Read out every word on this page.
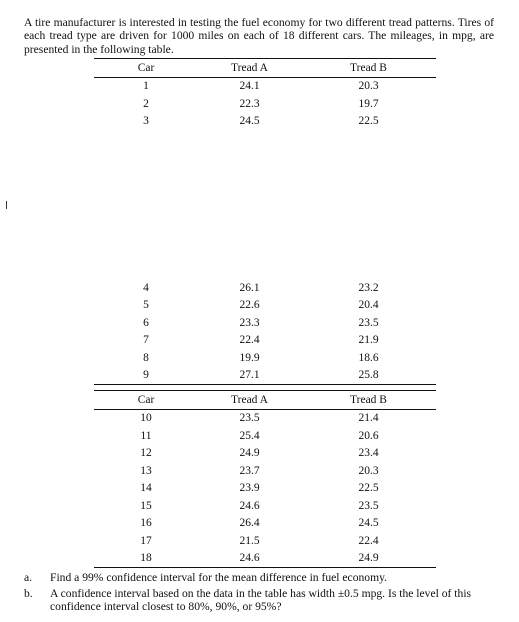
A tire manufacturer is interested in testing the fuel economy for two different tread patterns. Tires of each tread type are driven for 1000 miles on each of 18 different cars. The mileages, in mpg, are presented in the following table.

Car	Tread A	Tread B
1	24.1	20.3
2	22.3	19.7
3	24.5	22.5
4	26.1	23.2
5	22.6	20.4
6	23.3	23.5
7	22.4	21.9
8	19.9	18.6
9	27.1	25.8
Car	Tread A	Tread B
10	23.5	21.4
11	25.4	20.6
12	24.9	23.4
13	23.7	20.3
14	23.9	22.5
15	24.6	23.5
16	26.4	24.5
17	21.5	22.4
18	24.6	24.9
a.	Find a 99% confidence interval for the mean difference in fuel economy.
b.	A confidence interval based on the data in the table has width ±0.5 mpg. Is the level of this confidence interval closest to 80%, 90%, or 95%?
